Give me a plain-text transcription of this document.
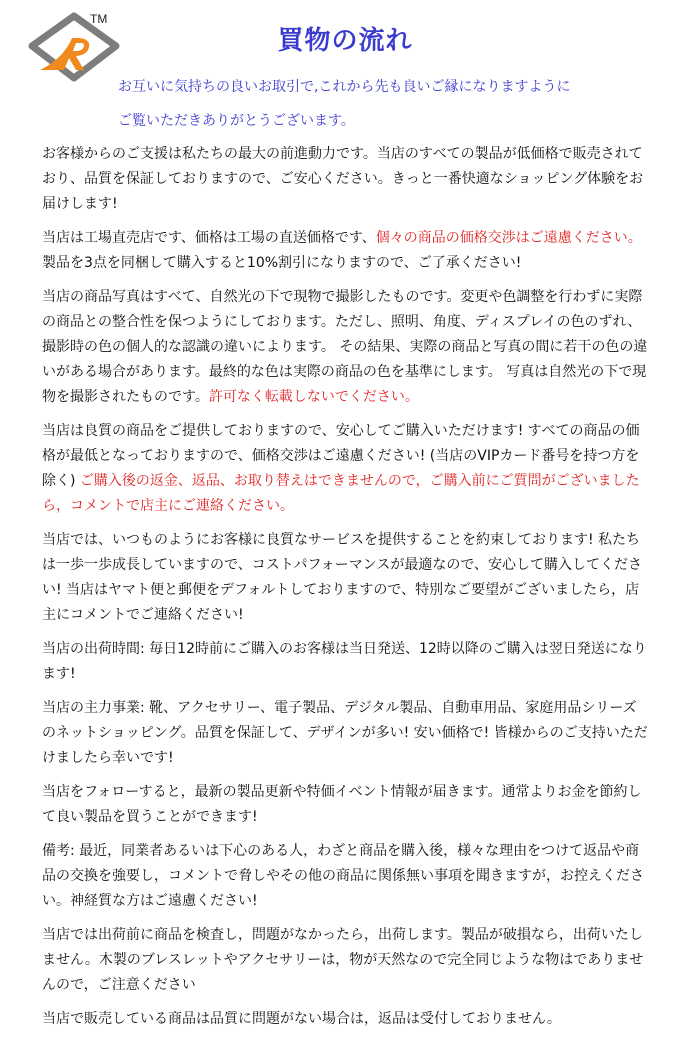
TM
買物の流れ
お互いに気持ちの良いお取引で,これから先も良いご縁になりますように
ご覧いただきありがとうございます。

お客様からのご支援は私たちの最大の前進動力です。当店のすべての製品が低価格で販売されており、品質を保証しておりますので、ご安心ください。きっと一番快適なショッピング体験をお届けします!

当店は工場直売店です、価格は工場の直送価格です、個々の商品の価格交渉はご遠慮ください。製品を3点を同梱して購入すると10%割引になりますので、ご了承ください!

当店の商品写真はすべて、自然光の下で現物で撮影したものです。変更や色調整を行わずに実際の商品との整合性を保つようにしております。ただし、照明、角度、ディスプレイの色のずれ、撮影時の色の個人的な認識の違いによります。 その結果、実際の商品と写真の間に若干の色の違いがある場合があります。最終的な色は実際の商品の色を基準にします。 写真は自然光の下で現物を撮影されたものです。許可なく転載しないでください。

当店は良質の商品をご提供しておりますので、安心してご購入いただけます! すべての商品の価格が最低となっておりますので、価格交渉はご遠慮ください! (当店のVIPカード番号を持つ方を除く) ご購入後の返金、返品、お取り替えはできませんので，ご購入前にご質問がございましたら，コメントで店主にご連絡ください。

当店では、いつものようにお客様に良質なサービスを提供することを約束しております! 私たちは一歩一歩成長していますので、コストパフォーマンスが最適なので、安心して購入してください! 当店はヤマト便と郵便をデフォルトしておりますので、特別なご要望がございましたら，店主にコメントでご連絡ください!

当店の出荷時間: 毎日12時前にご購入のお客様は当日発送、12時以降のご購入は翌日発送になります!

当店の主力事業: 靴、アクセサリー、電子製品、デジタル製品、自動車用品、家庭用品シリーズのネットショッピング。品質を保証して、デザインが多い! 安い価格で! 皆様からのご支持いただけましたら幸いです!

当店をフォローすると，最新の製品更新や特価イベント情報が届きます。通常よりお金を節約して良い製品を買うことができます!

備考: 最近，同業者あるいは下心のある人，わざと商品を購入後，様々な理由をつけて返品や商品の交換を強要し，コメントで脅しやその他の商品に関係無い事項を聞きますが，お控えください。神経質な方はご遠慮ください!

当店では出荷前に商品を検査し，問題がなかったら，出荷します。製品が破損なら，出荷いたしません。木製のブレスレットやアクセサリーは，物が天然なので完全同じような物はでありませんので，ご注意ください

当店で販売している商品は品質に問題がない場合は，返品は受付しておりません。
